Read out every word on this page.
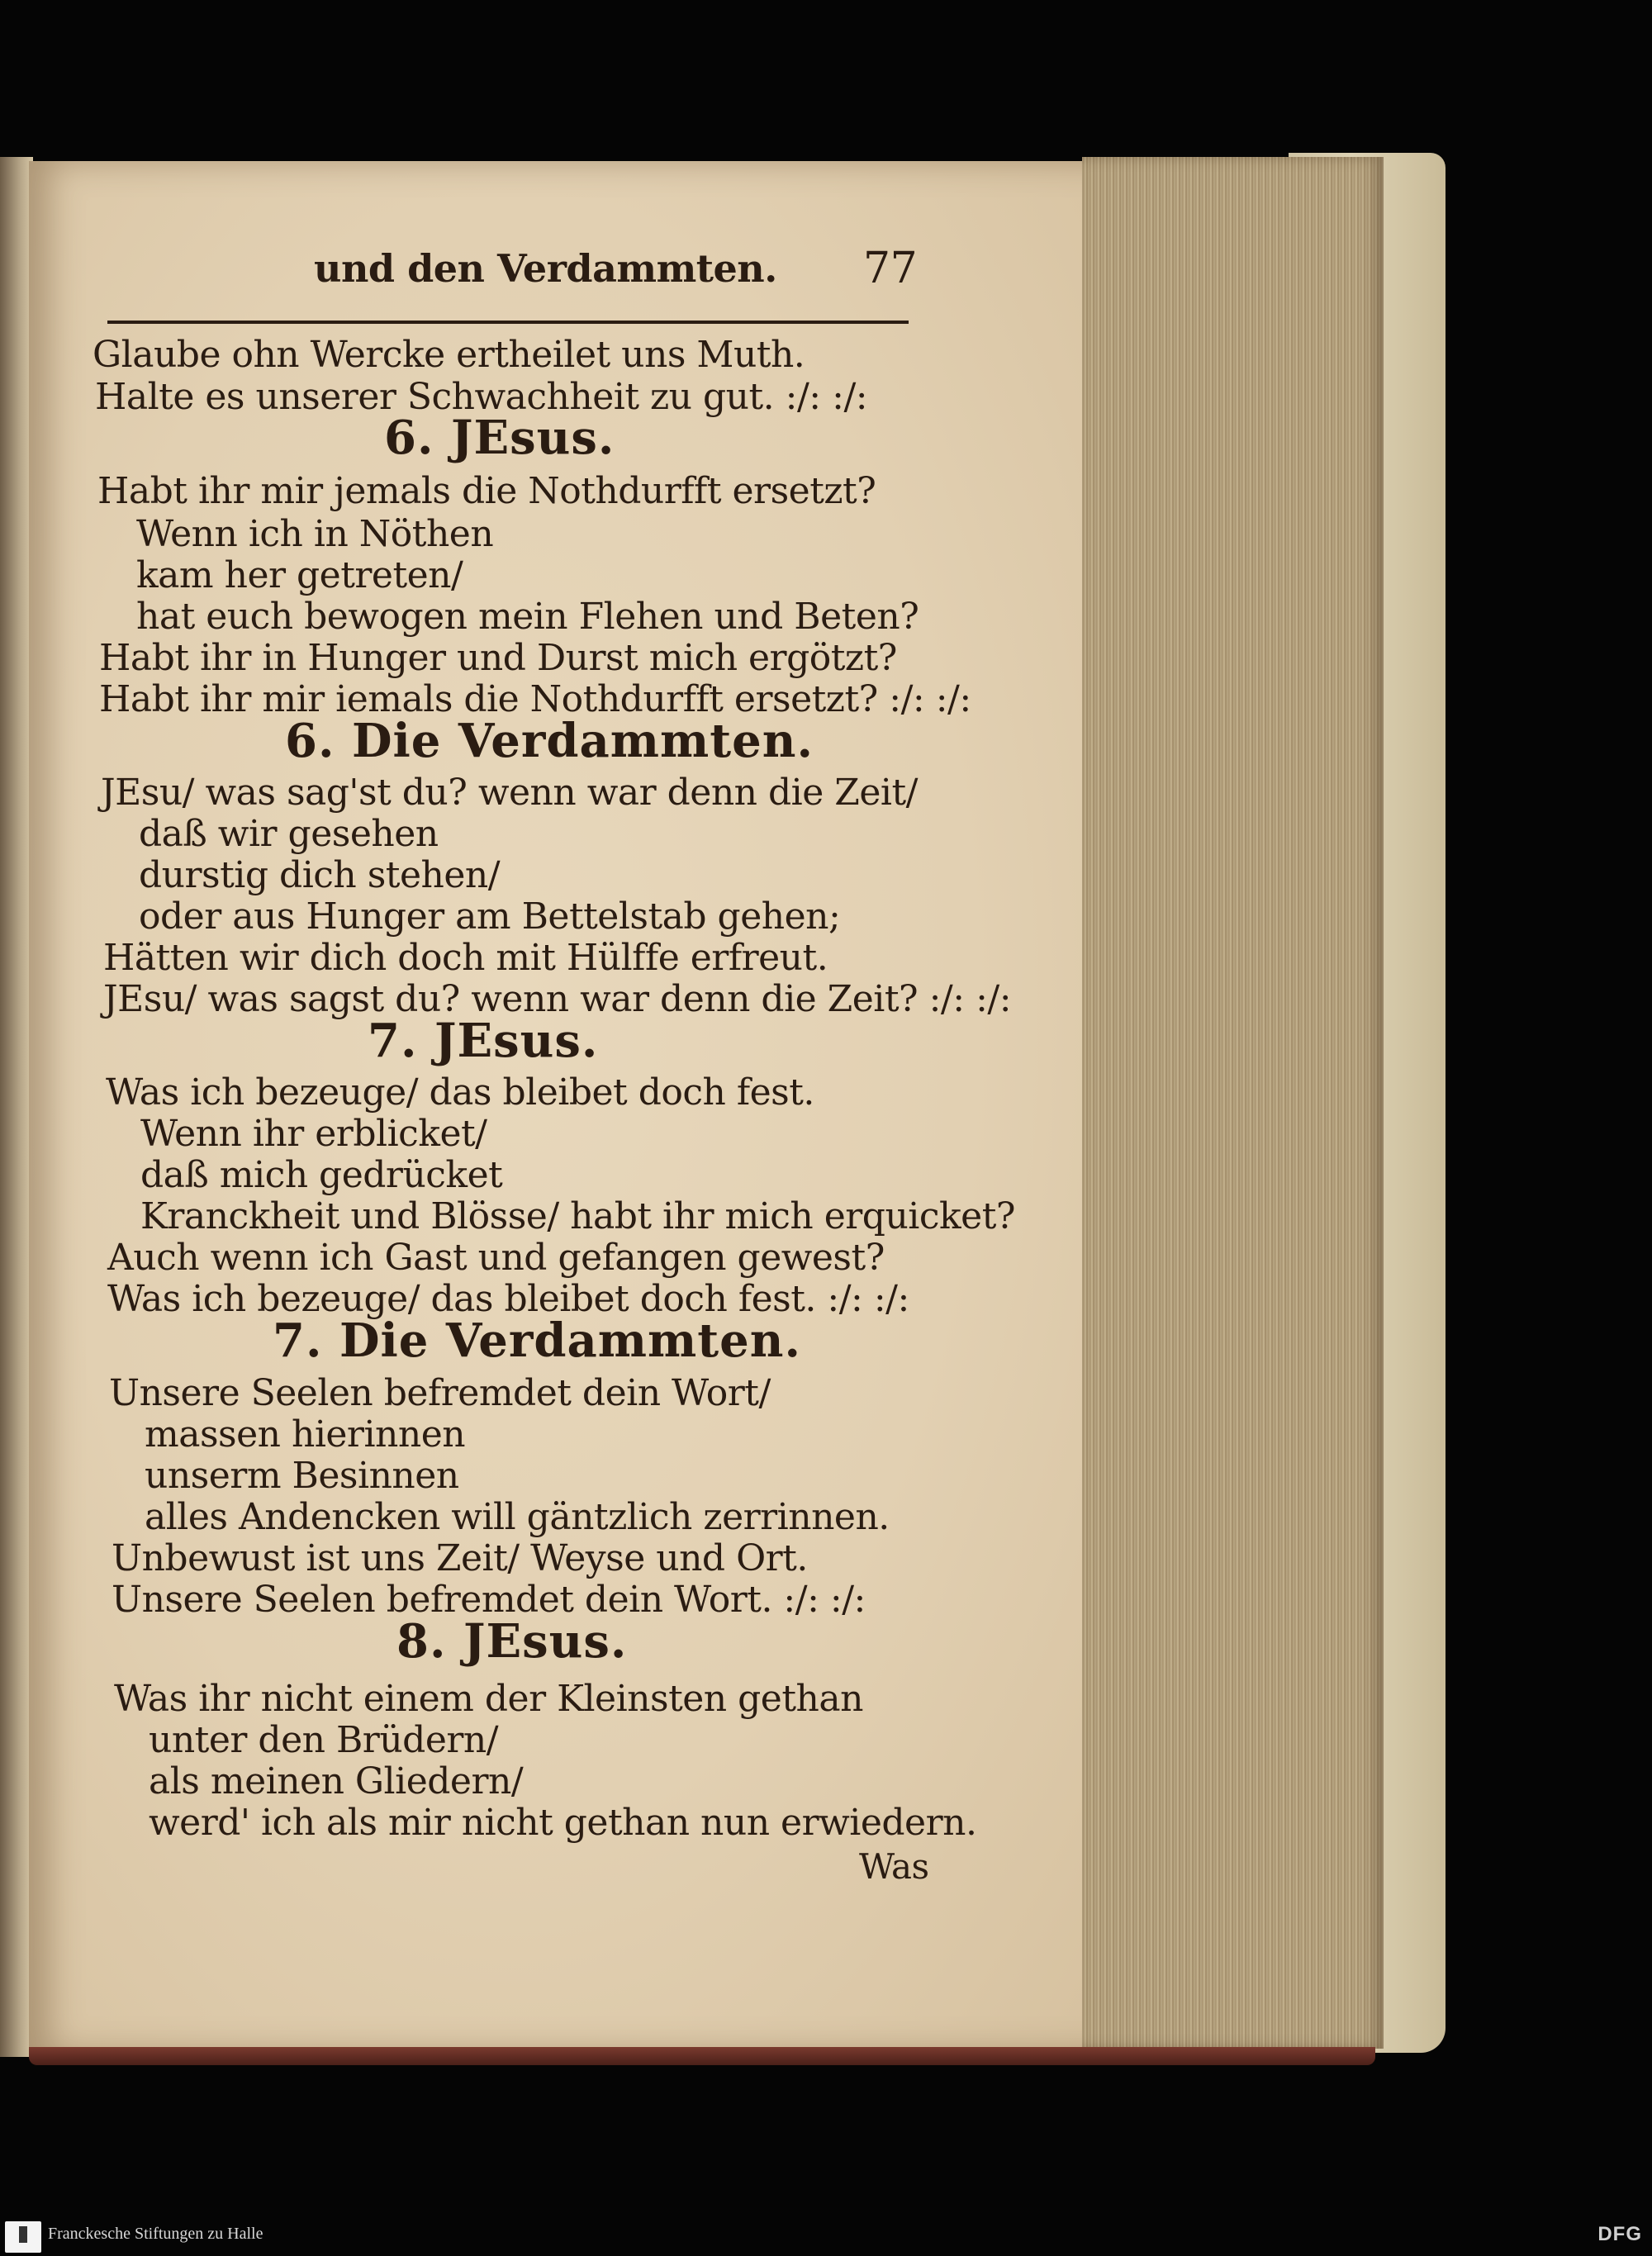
und den Verdammten. 77
Glaube ohn Wercke ertheilet uns Muth.
Halte es unserer Schwachheit zu gut. :/: :/:
6. JEsus.
Habt ihr mir jemals die Nothdurfft ersetzt?
Wenn ich in Nöthen
kam her getreten/
hat euch bewogen mein Flehen und Beten?
Habt ihr in Hunger und Durst mich ergötzt?
Habt ihr mir iemals die Nothdurfft ersetzt? :/: :/:
6. Die Verdammten.
JEsu/ was sag'st du? wenn war denn die Zeit/
daß wir gesehen
durstig dich stehen/
oder aus Hunger am Bettelstab gehen;
Hätten wir dich doch mit Hülffe erfreut.
JEsu/ was sagst du? wenn war denn die Zeit? :/: :/:
7. JEsus.
Was ich bezeuge/ das bleibet doch fest.
Wenn ihr erblicket/
daß mich gedrücket
Kranckheit und Blösse/ habt ihr mich erquicket?
Auch wenn ich Gast und gefangen gewest?
Was ich bezeuge/ das bleibet doch fest. :/: :/:
7. Die Verdammten.
Unsere Seelen befremdet dein Wort/
massen hierinnen
unserm Besinnen
alles Andencken will gäntzlich zerrinnen.
Unbewust ist uns Zeit/ Weyse und Ort.
Unsere Seelen befremdet dein Wort. :/: :/:
8. JEsus.
Was ihr nicht einem der Kleinsten gethan
unter den Brüdern/
als meinen Gliedern/
werd' ich als mir nicht gethan nun erwiedern.
Was
Franckesche Stiftungen zu Halle	DFG
